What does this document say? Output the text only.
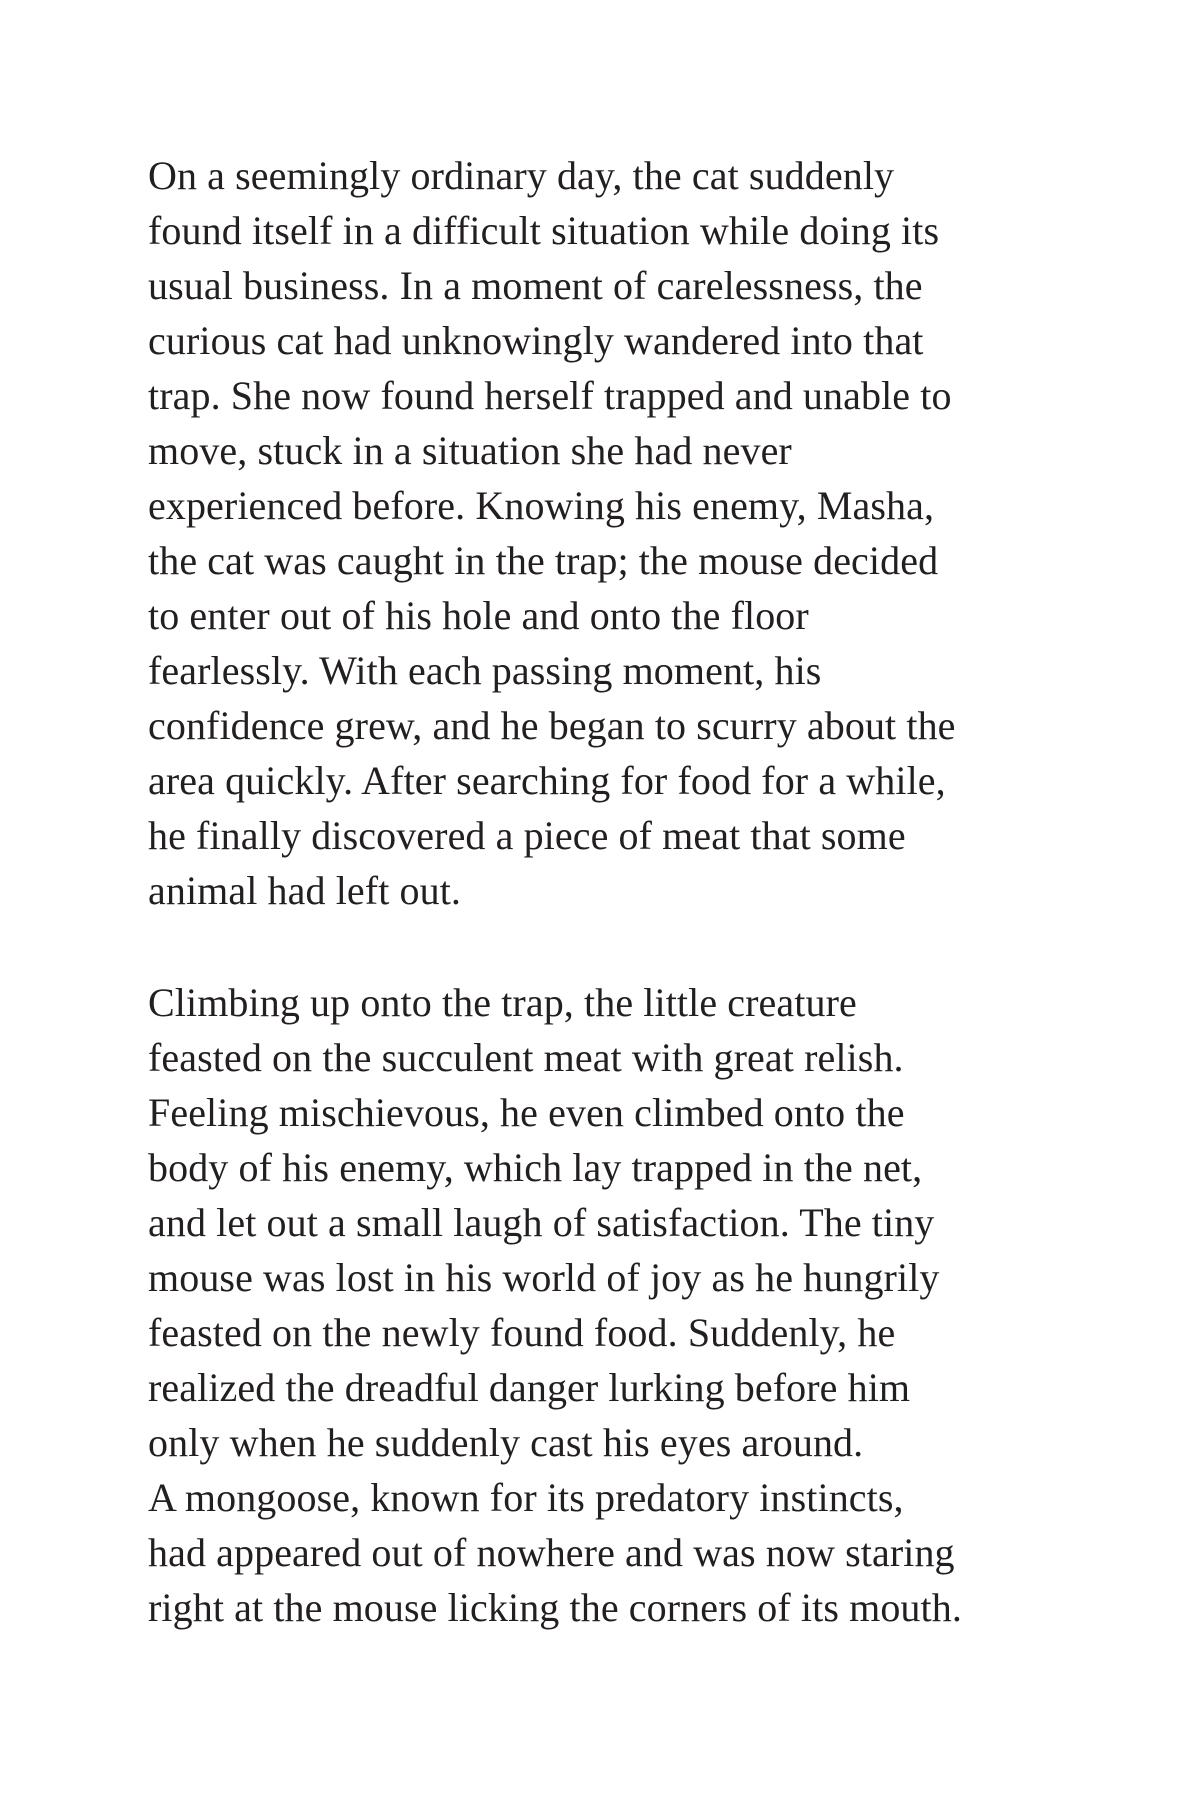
On a seemingly ordinary day, the cat suddenly
found itself in a difficult situation while doing its
usual business. In a moment of carelessness, the
curious cat had unknowingly wandered into that
trap. She now found herself trapped and unable to
move, stuck in a situation she had never
experienced before. Knowing his enemy, Masha,
the cat was caught in the trap; the mouse decided
to enter out of his hole and onto the floor
fearlessly. With each passing moment, his
confidence grew, and he began to scurry about the
area quickly. After searching for food for a while,
he finally discovered a piece of meat that some
animal had left out.
Climbing up onto the trap, the little creature
feasted on the succulent meat with great relish.
Feeling mischievous, he even climbed onto the
body of his enemy, which lay trapped in the net,
and let out a small laugh of satisfaction. The tiny
mouse was lost in his world of joy as he hungrily
feasted on the newly found food. Suddenly, he
realized the dreadful danger lurking before him
only when he suddenly cast his eyes around.
A mongoose, known for its predatory instincts,
had appeared out of nowhere and was now staring
right at the mouse licking the corners of its mouth.
